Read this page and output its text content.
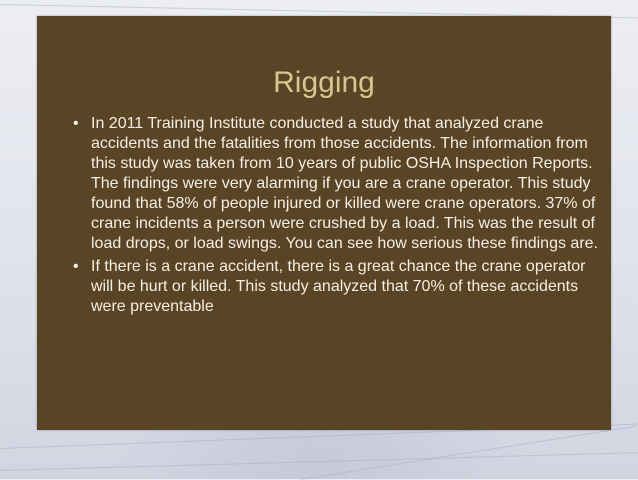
Rigging
• In 2011 Training Institute conducted a study that analyzed crane accidents and the fatalities from those accidents. The information from this study was taken from 10 years of public OSHA Inspection Reports. The findings were very alarming if you are a crane operator. This study found that 58% of people injured or killed were crane operators. 37% of crane incidents a person were crushed by a load. This was the result of load drops, or load swings. You can see how serious these findings are.
• If there is a crane accident, there is a great chance the crane operator will be hurt or killed. This study analyzed that 70% of these accidents were preventable
